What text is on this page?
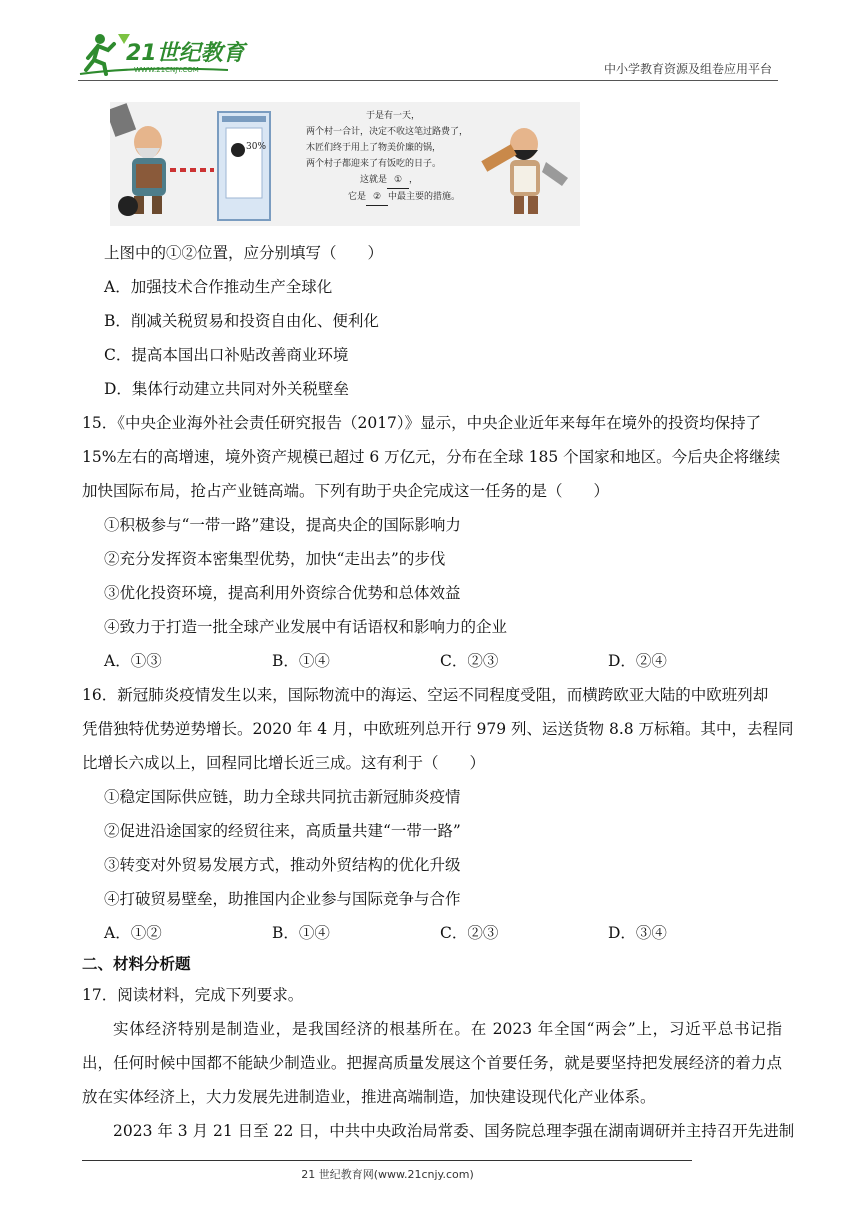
21世纪教育
WWW.21CNJY.COM	中小学教育资源及组卷应用平台
30%
于是有一天，
两个村一合计，决定不收这笔过路费了，
木匠们终于用上了物美价廉的锅，
两个村子都迎来了有饭吃的日子。
这就是 ① ，
它是 ② 中最主要的措施。
上图中的①②位置，应分别填写（　　）
A．加强技术合作推动生产全球化
B．削减关税贸易和投资自由化、便利化
C．提高本国出口补贴改善商业环境
D．集体行动建立共同对外关税壁垒
15．《中央企业海外社会责任研究报告（2017）》显示，中央企业近年来每年在境外的投资均保持了
15%左右的高增速，境外资产规模已超过 6 万亿元，分布在全球 185 个国家和地区。今后央企将继续
加快国际布局，抢占产业链高端。下列有助于央企完成这一任务的是（　　）
①积极参与“一带一路”建设，提高央企的国际影响力
②充分发挥资本密集型优势，加快“走出去”的步伐
③优化投资环境，提高利用外资综合优势和总体效益
④致力于打造一批全球产业发展中有话语权和影响力的企业
A．①③	B．①④	C．②③	D．②④
16．新冠肺炎疫情发生以来，国际物流中的海运、空运不同程度受阻，而横跨欧亚大陆的中欧班列却
凭借独特优势逆势增长。2020 年 4 月，中欧班列总开行 979 列、运送货物 8.8 万标箱。其中，去程同
比增长六成以上，回程同比增长近三成。这有利于（　　）
①稳定国际供应链，助力全球共同抗击新冠肺炎疫情
②促进沿途国家的经贸往来，高质量共建“一带一路”
③转变对外贸易发展方式，推动外贸结构的优化升级
④打破贸易壁垒，助推国内企业参与国际竞争与合作
A．①②	B．①④	C．②③	D．③④
二、材料分析题
17．阅读材料，完成下列要求。
实体经济特别是制造业，是我国经济的根基所在。在 2023 年全国“两会”上，习近平总书记指出，任何时候中国都不能缺少制造业。把握高质量发展这个首要任务，就是要坚持把发展经济的着力点放在实体经济上，大力发展先进制造业，推进高端制造，加快建设现代化产业体系。
2023 年 3 月 21 日至 22 日，中共中央政治局常委、国务院总理李强在湖南调研并主持召开先进制
21 世纪教育网(www.21cnjy.com)
